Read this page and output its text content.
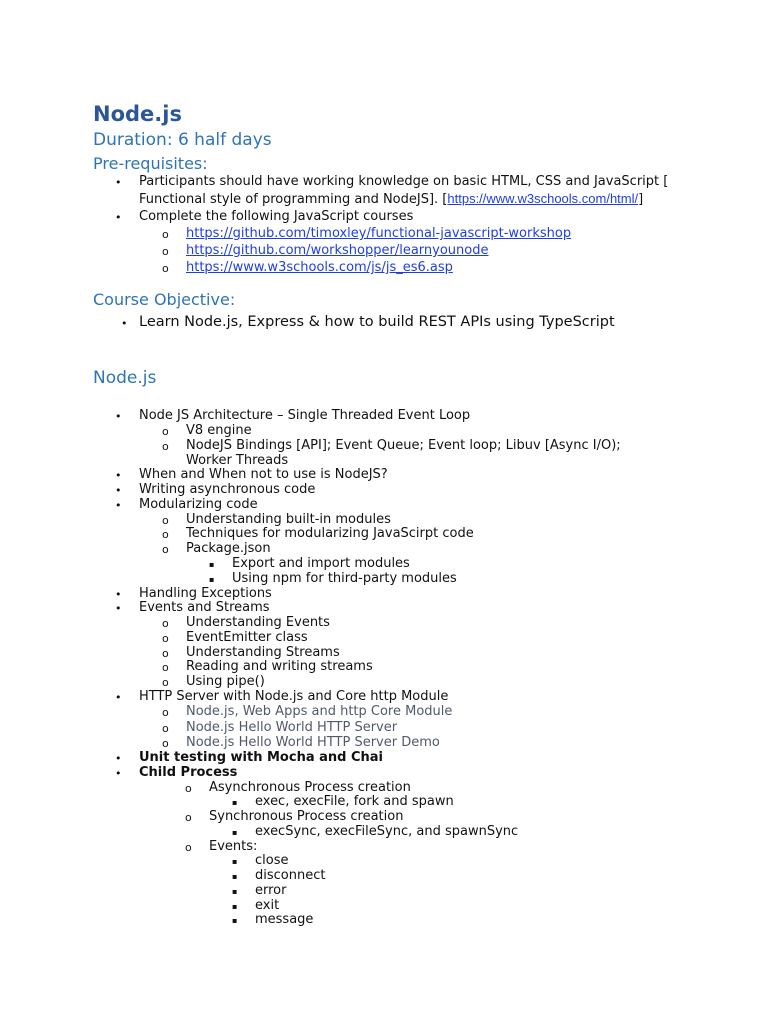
Node.js
Duration: 6 half days
Pre-requisites:
• Participants should have working knowledge on basic HTML, CSS and JavaScript [
Functional style of programming and NodeJS]. [https://www.w3schools.com/html/]
• Complete the following JavaScript courses
o https://github.com/timoxley/functional-javascript-workshop
o https://github.com/workshopper/learnyounode
o https://www.w3schools.com/js/js_es6.asp
Course Objective:
• Learn Node.js, Express & how to build REST APIs using TypeScript
Node.js
• Node JS Architecture – Single Threaded Event Loop
o V8 engine
o NodeJS Bindings [API]; Event Queue; Event loop; Libuv [Async I/O);
Worker Threads
• When and When not to use is NodeJS?
• Writing asynchronous code
• Modularizing code
o Understanding built-in modules
o Techniques for modularizing JavaScirpt code
o Package.json
▪ Export and import modules
▪ Using npm for third-party modules
• Handling Exceptions
• Events and Streams
o Understanding Events
o EventEmitter class
o Understanding Streams
o Reading and writing streams
o Using pipe()
• HTTP Server with Node.js and Core http Module
o Node.js, Web Apps and http Core Module
o Node.js Hello World HTTP Server
o Node.js Hello World HTTP Server Demo
• Unit testing with Mocha and Chai
• Child Process
o Asynchronous Process creation
▪ exec, execFile, fork and spawn
o Synchronous Process creation
▪ execSync, execFileSync, and spawnSync
o Events:
▪ close
▪ disconnect
▪ error
▪ exit
▪ message
